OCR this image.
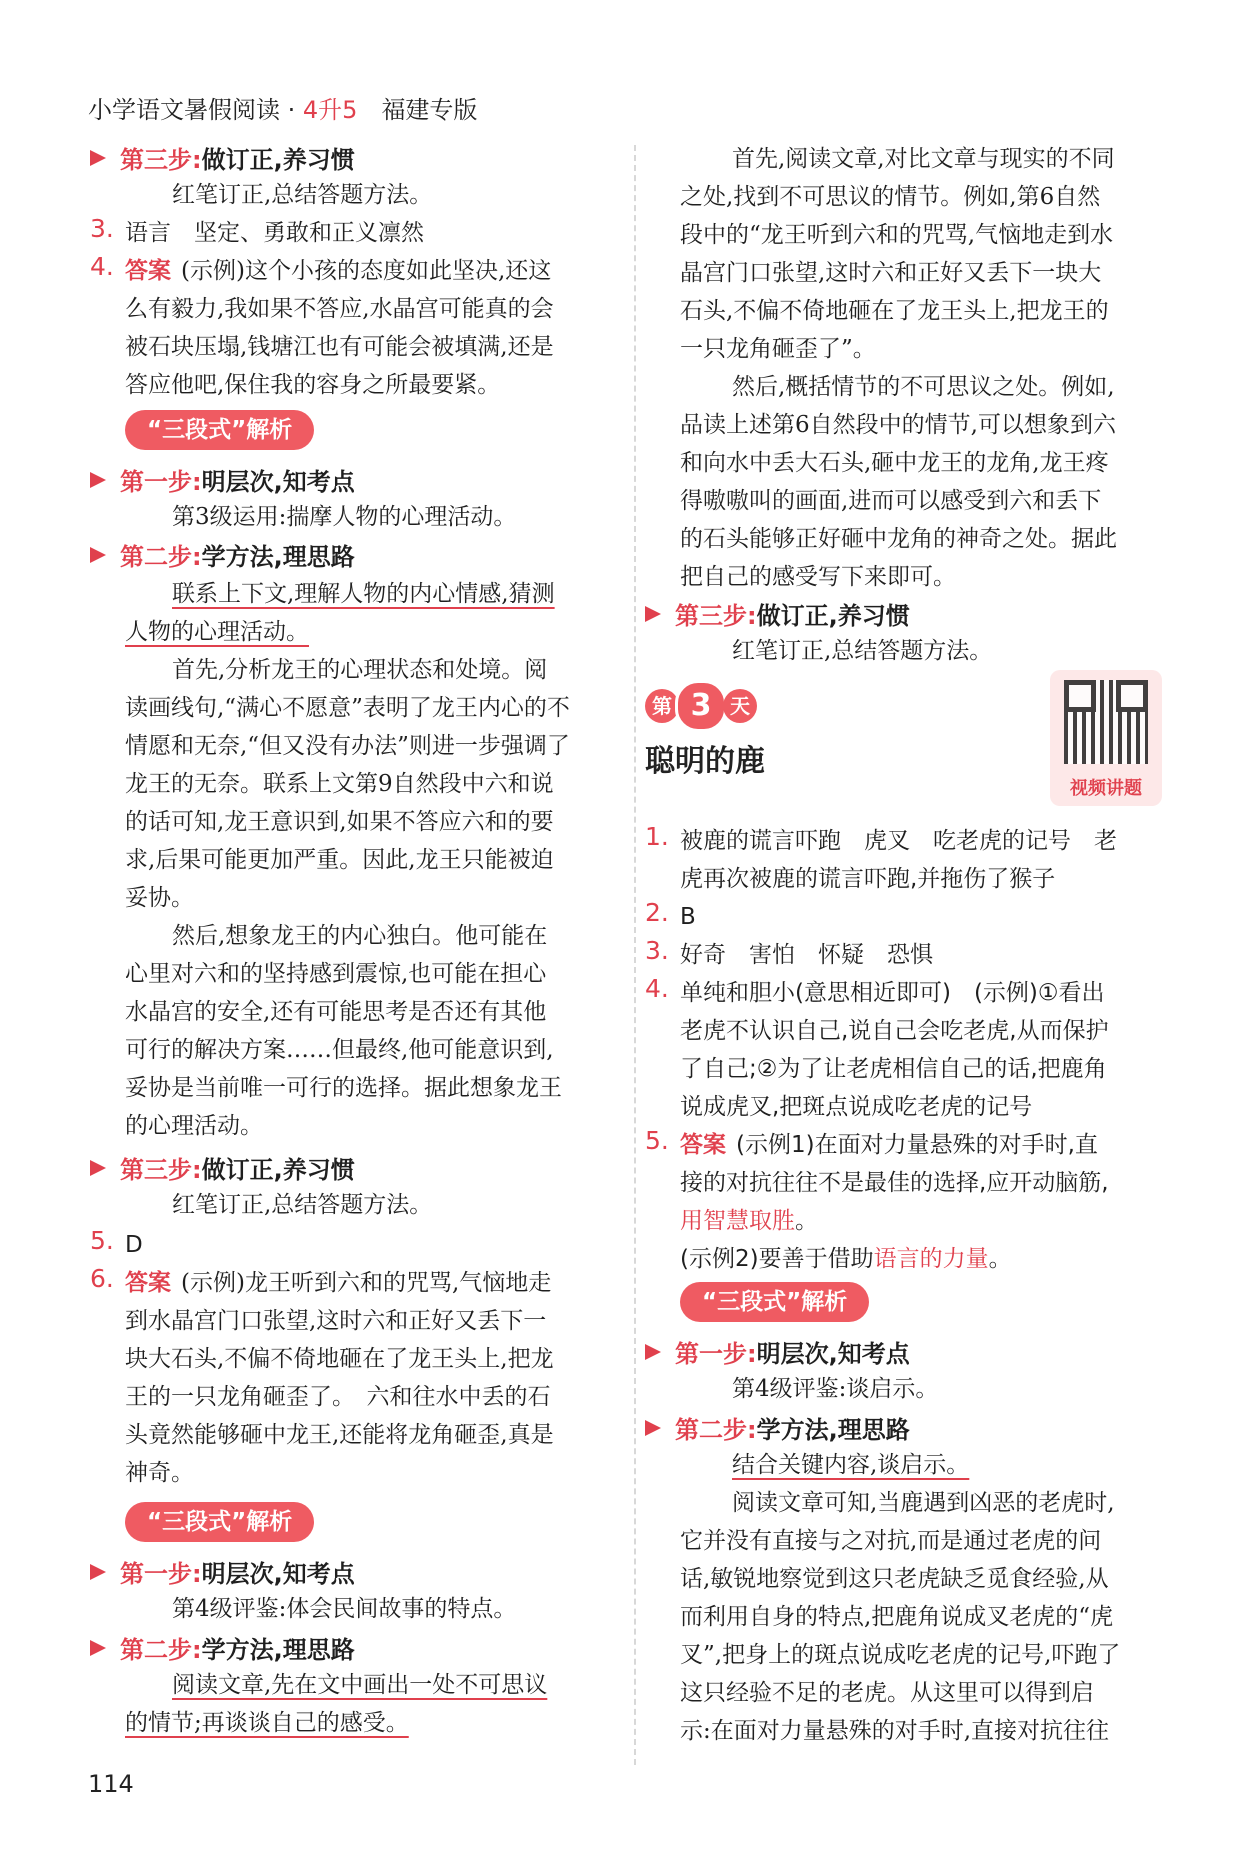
小学语文暑假阅读 · 4升5　 福建专版
第三步: 做订正,养习惯
红笔订正,总结答题方法。
3. 语言　坚定、勇敢和正义凛然
4. 答案 (示例)这个小孩的态度如此坚决,还这
么有毅力,我如果不答应,水晶宫可能真的会
被石块压塌,钱塘江也有可能会被填满,还是
答应他吧,保住我的容身之所最要紧。
“三段式”解析
第一步: 明层次,知考点
第3级运用:揣摩人物的心理活动。
第二步: 学方法,理思路
联系上下文,理解人物的内心情感,猜测
人物的心理活动。
首先,分析龙王的心理状态和处境。阅
读画线句,“满心不愿意”表明了龙王内心的不
情愿和无奈,“但又没有办法”则进一步强调了
龙王的无奈。联系上文第9自然段中六和说
的话可知,龙王意识到,如果不答应六和的要
求,后果可能更加严重。因此,龙王只能被迫
妥协。
然后,想象龙王的内心独白。他可能在
心里对六和的坚持感到震惊,也可能在担心
水晶宫的安全,还有可能思考是否还有其他
可行的解决方案……但最终,他可能意识到,
妥协是当前唯一可行的选择。据此想象龙王
的心理活动。
第三步: 做订正,养习惯
红笔订正,总结答题方法。
5. D
6. 答案 (示例)龙王听到六和的咒骂,气恼地走
到水晶宫门口张望,这时六和正好又丢下一
块大石头,不偏不倚地砸在了龙王头上,把龙
王的一只龙角砸歪了。　六和往水中丢的石
头竟然能够砸中龙王,还能将龙角砸歪,真是
神奇。
“三段式”解析
第一步: 明层次,知考点
第4级评鉴:体会民间故事的特点。
第二步: 学方法,理思路
阅读文章,先在文中画出一处不可思议
的情节;再谈谈自己的感受。
首先,阅读文章,对比文章与现实的不同
之处,找到不可思议的情节。例如,第6自然
段中的“龙王听到六和的咒骂,气恼地走到水
晶宫门口张望,这时六和正好又丢下一块大
石头,不偏不倚地砸在了龙王头上,把龙王的
一只龙角砸歪了”。
然后,概括情节的不可思议之处。例如,
品读上述第6自然段中的情节,可以想象到六
和向水中丢大石头,砸中龙王的龙角,龙王疼
得嗷嗷叫的画面,进而可以感受到六和丢下
的石头能够正好砸中龙角的神奇之处。据此
把自己的感受写下来即可。
第三步: 做订正,养习惯
红笔订正,总结答题方法。
第 3 天
聪明的鹿
视频讲题
1. 被鹿的谎言吓跑　虎叉　吃老虎的记号　老
虎再次被鹿的谎言吓跑,并拖伤了猴子
2. B
3. 好奇　害怕　怀疑　恐惧
4. 单纯和胆小(意思相近即可)　(示例)①看出
老虎不认识自己,说自己会吃老虎,从而保护
了自己;②为了让老虎相信自己的话,把鹿角
说成虎叉,把斑点说成吃老虎的记号
5. 答案 (示例1)在面对力量悬殊的对手时,直
接的对抗往往不是最佳的选择,应开动脑筋,
用智慧取胜。
(示例2)要善于借助语言的力量。
“三段式”解析
第一步: 明层次,知考点
第4级评鉴:谈启示。
第二步: 学方法,理思路
结合关键内容,谈启示。
阅读文章可知,当鹿遇到凶恶的老虎时,
它并没有直接与之对抗,而是通过老虎的问
话,敏锐地察觉到这只老虎缺乏觅食经验,从
而利用自身的特点,把鹿角说成叉老虎的“虎
叉”,把身上的斑点说成吃老虎的记号,吓跑了
这只经验不足的老虎。从这里可以得到启
示:在面对力量悬殊的对手时,直接对抗往往
114
